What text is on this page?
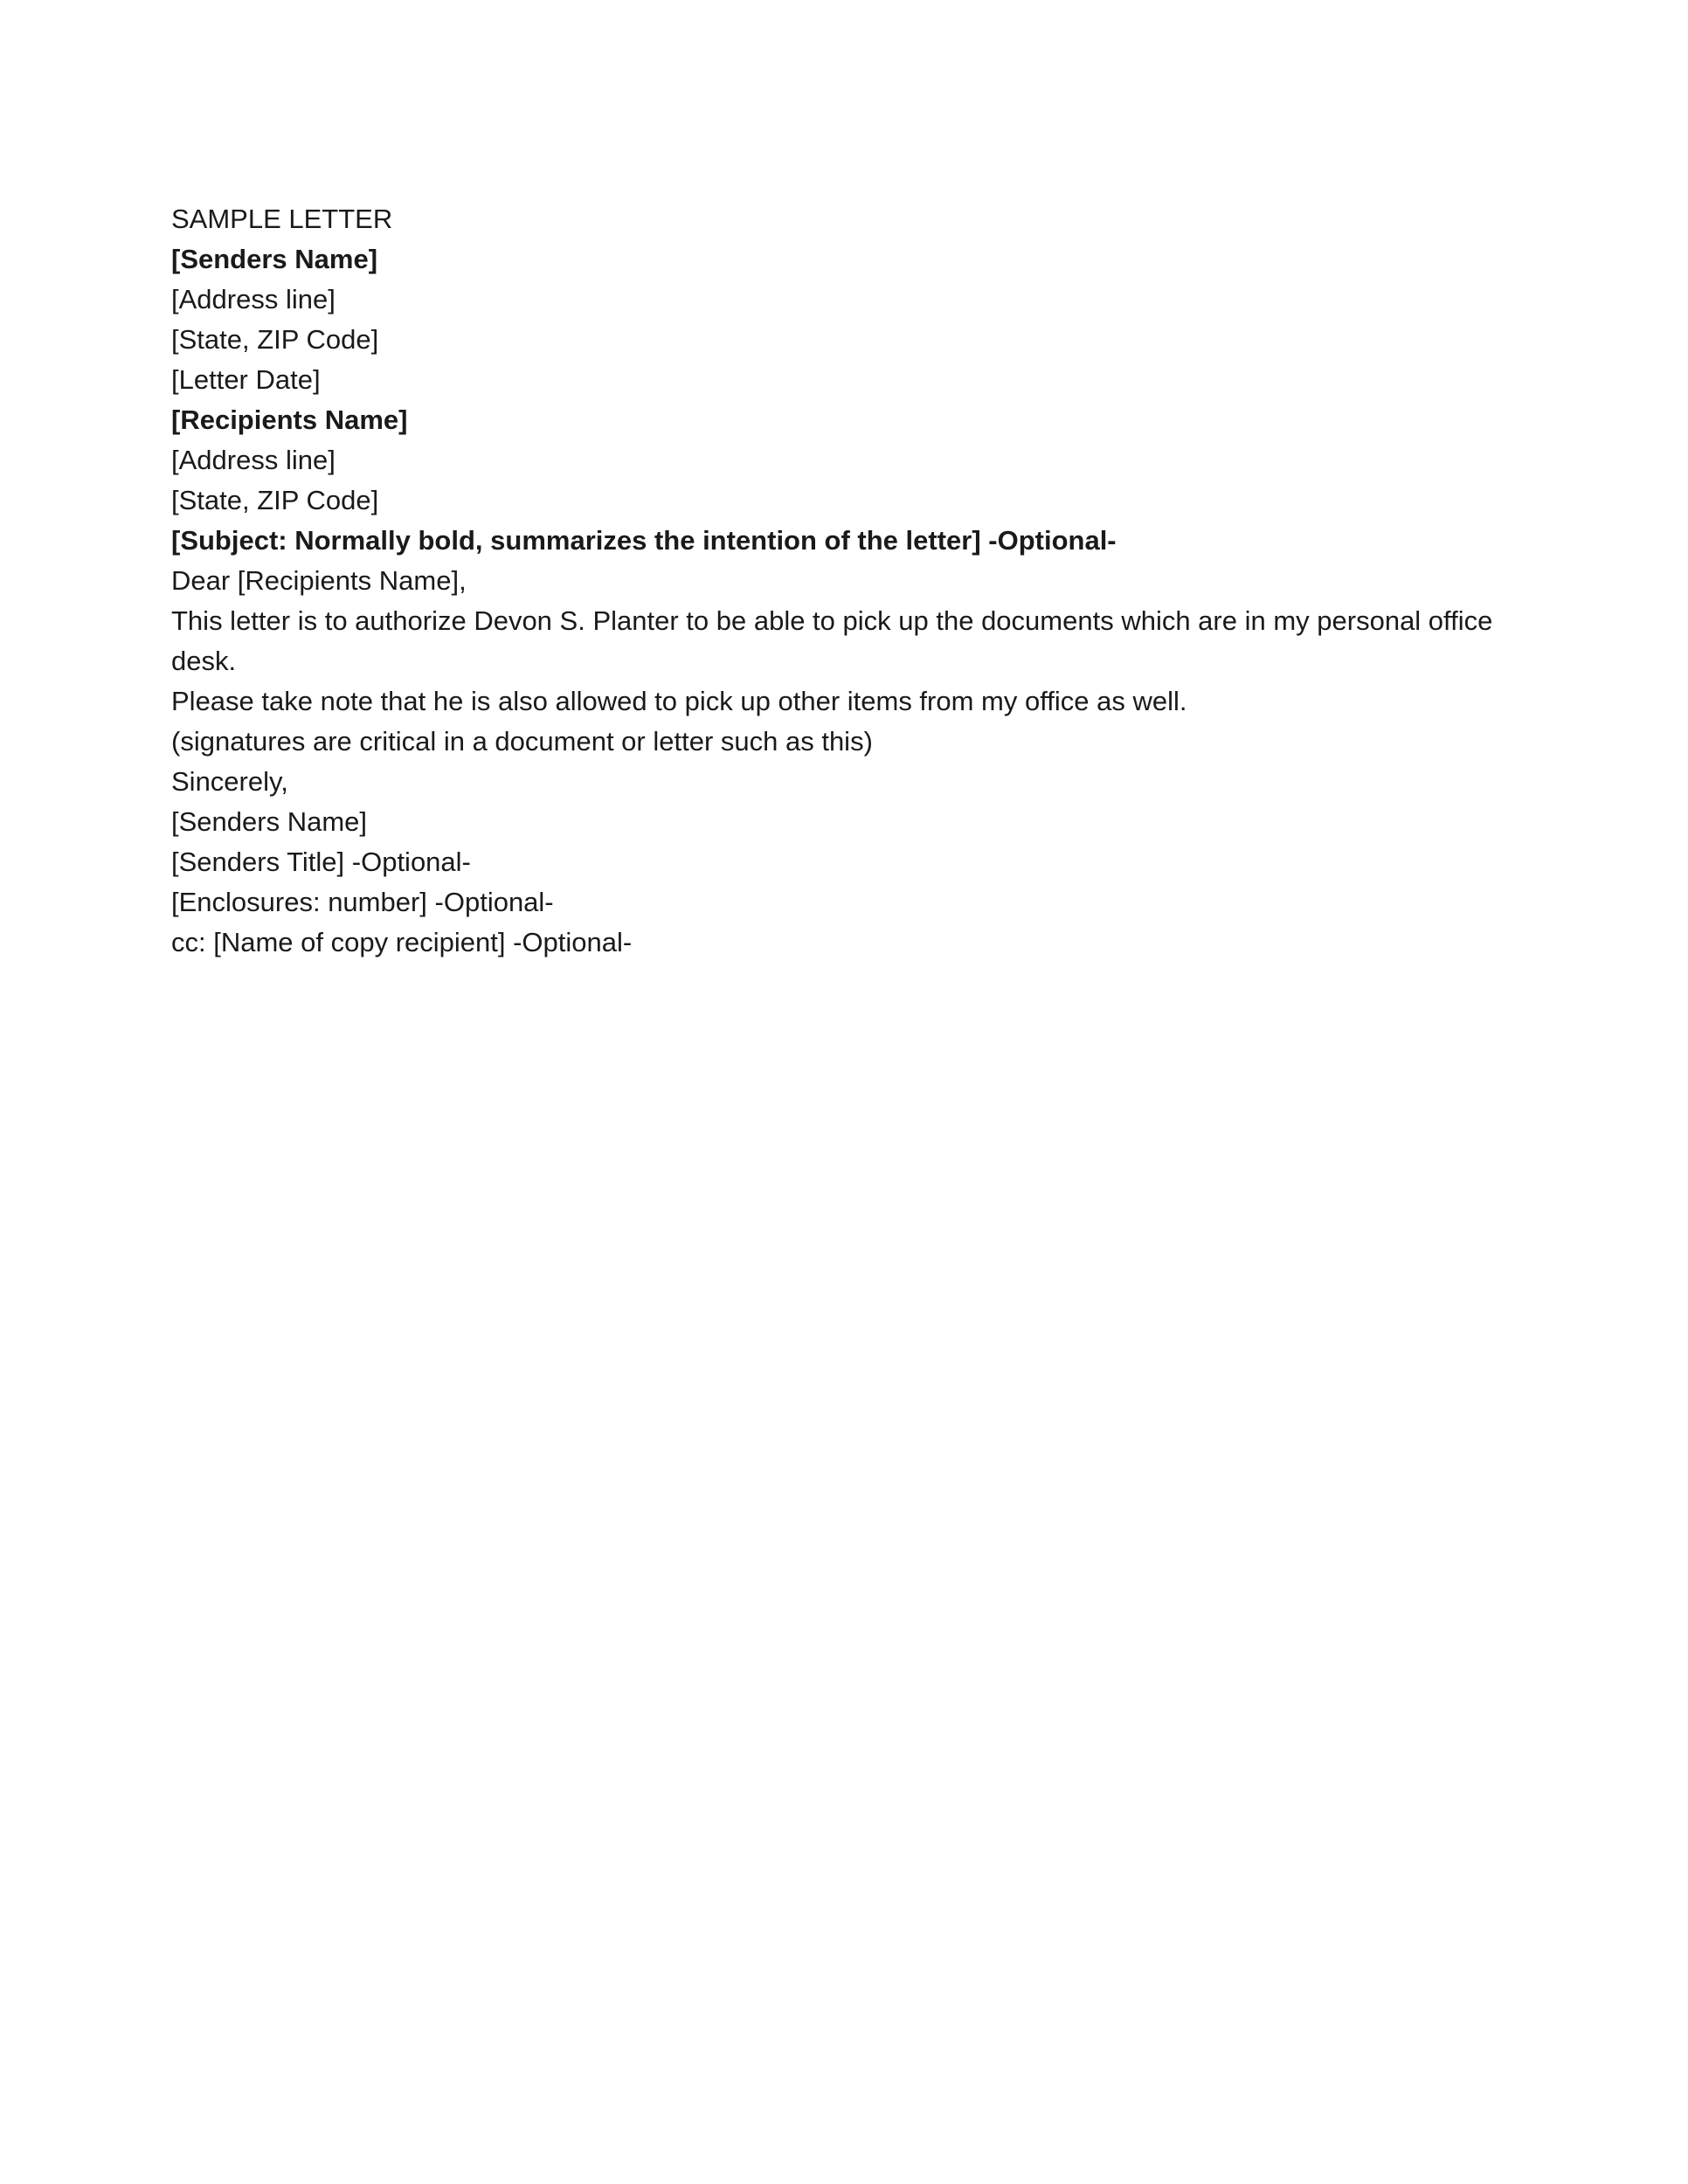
SAMPLE LETTER

[Senders Name]

[Address line]

[State, ZIP Code]

[Letter Date]

[Recipients Name]

[Address line]

[State, ZIP Code]

[Subject: Normally bold, summarizes the intention of the letter] -Optional-

Dear [Recipients Name],

This letter is to authorize Devon S. Planter to be able to pick up the documents which are in my personal office desk.

Please take note that he is also allowed to pick up other items from my office as well.

(signatures are critical in a document or letter such as this)

Sincerely,

[Senders Name]

[Senders Title] -Optional-

[Enclosures: number] -Optional-

cc: [Name of copy recipient] -Optional-
